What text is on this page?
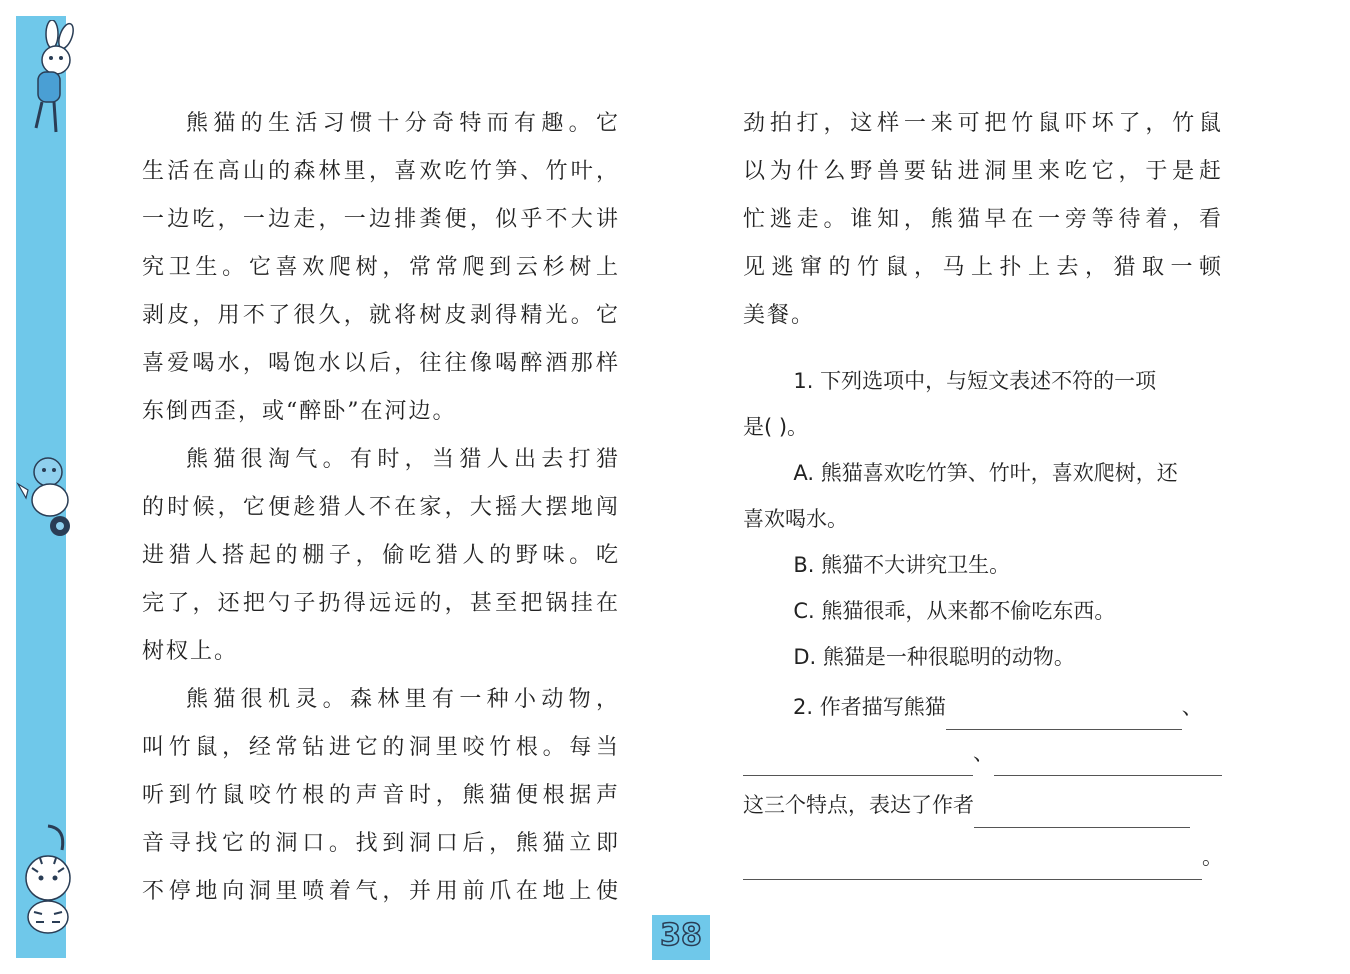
熊猫的生活习惯十分奇特而有趣。它

生活在高山的森林里，喜欢吃竹笋、竹叶，

一边吃，一边走，一边排粪便，似乎不大讲

究卫生。它喜欢爬树，常常爬到云杉树上

剥皮，用不了很久，就将树皮剥得精光。它

喜爱喝水，喝饱水以后，往往像喝醉酒那样

东倒西歪，或“醉卧”在河边。

熊猫很淘气。有时，当猎人出去打猎

的时候，它便趁猎人不在家，大摇大摆地闯

进猎人搭起的棚子，偷吃猎人的野味。吃

完了，还把勺子扔得远远的，甚至把锅挂在

树杈上。

熊猫很机灵。森林里有一种小动物，

叫竹鼠，经常钻进它的洞里咬竹根。每当

听到竹鼠咬竹根的声音时，熊猫便根据声

音寻找它的洞口。找到洞口后，熊猫立即

不停地向洞里喷着气，并用前爪在地上使

劲拍打，这样一来可把竹鼠吓坏了，竹鼠

以为什么野兽要钻进洞里来吃它，于是赶

忙逃走。谁知，熊猫早在一旁等待着，看

见逃窜的竹鼠，马上扑上去，猎取一顿

美餐。

1. 下列选项中，与短文表述不符的一项

是( )。

A. 熊猫喜欢吃竹笋、竹叶，喜欢爬树，还

喜欢喝水。

B. 熊猫不大讲究卫生。

C. 熊猫很乖，从来都不偷吃东西。

D. 熊猫是一种很聪明的动物。

2. 作者描写熊猫	、
、
这三个特点，表达了作者
。
38
